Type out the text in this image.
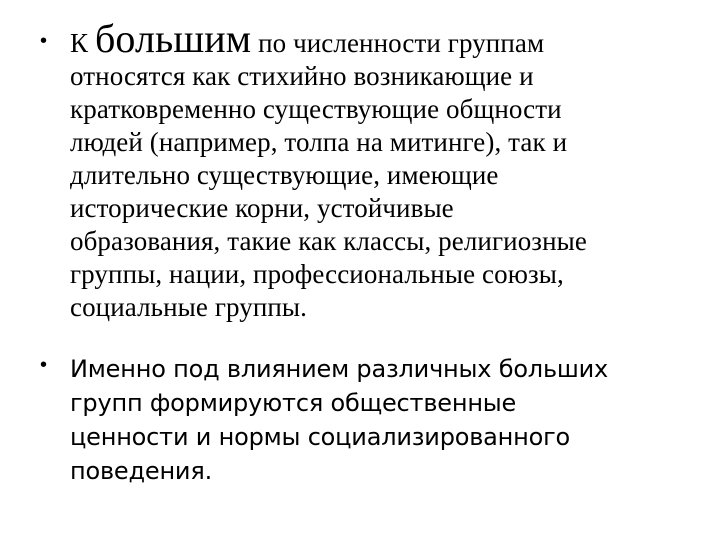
• К большим по численности группам
относятся как стихийно возникающие и
кратковременно существующие общности
людей (например, толпа на митинге), так и
длительно существующие, имеющие
исторические корни, устойчивые
образования, такие как классы, религиозные
группы, нации, профессиональные союзы,
социальные группы.
• Именно под влиянием различных больших
групп формируются общественные
ценности и нормы социализированного
поведения.
